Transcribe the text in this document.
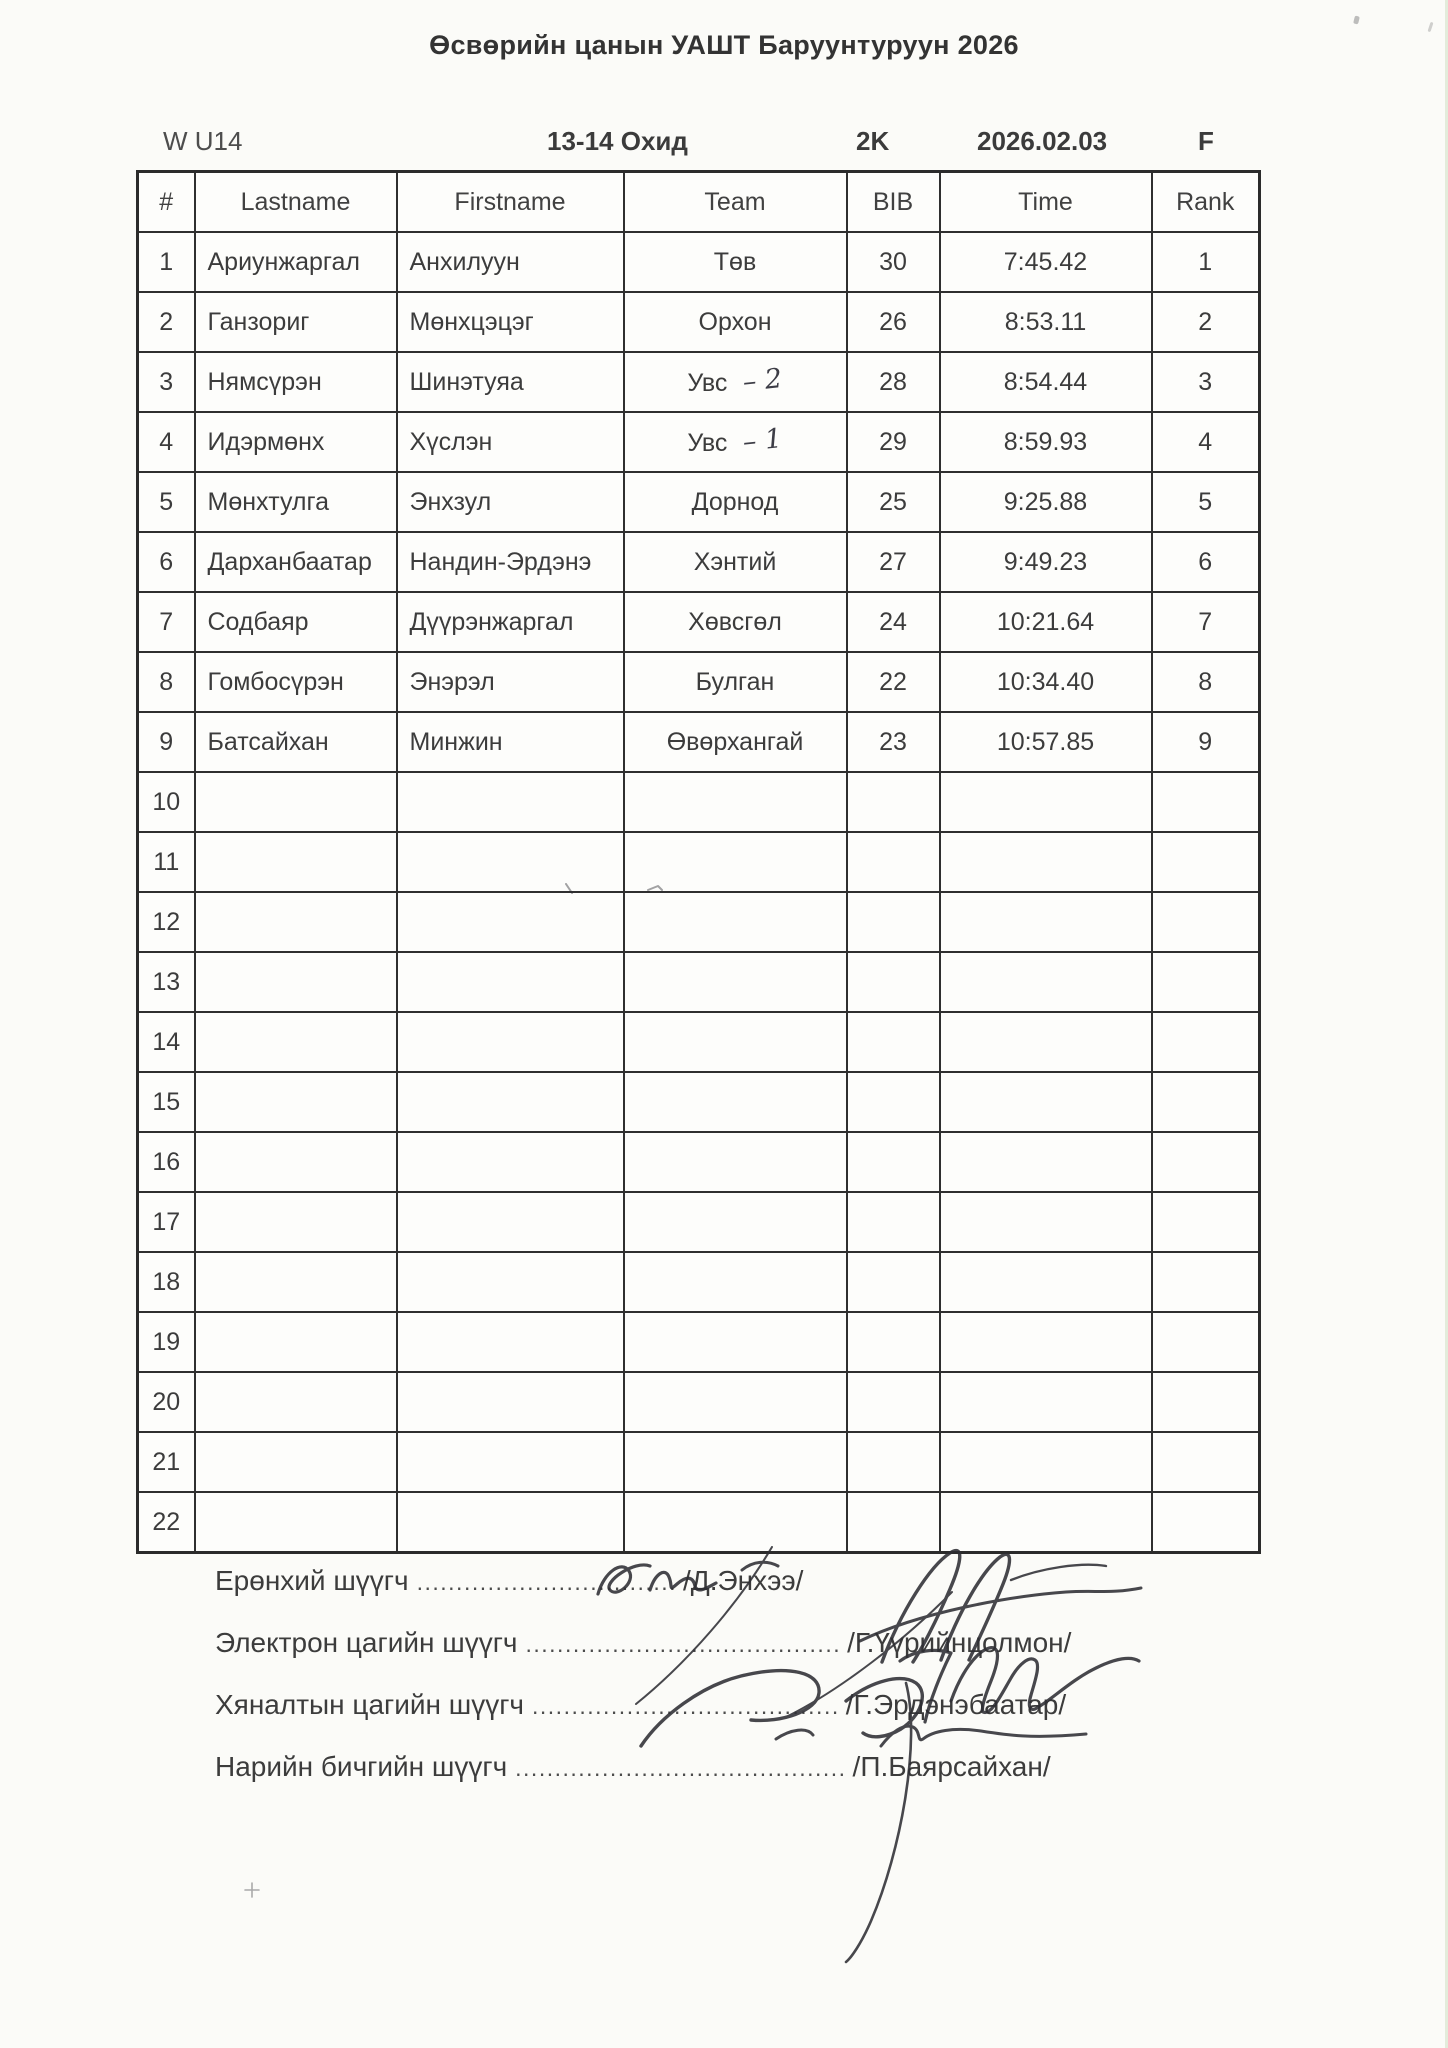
Өсвөрийн цанын УАШТ Баруунтуруун 2026
W U14	13-14 Охид	2K	2026.02.03	F
#	Lastname	Firstname	Team	BIB	Time	Rank
1	Ариунжаргал	Анхилуун	Төв	30	7:45.42	1
2	Ганзориг	Мөнхцэцэг	Орхон	26	8:53.11	2
3	Нямсүрэн	Шинэтуяа	Увс – 2	28	8:54.44	3
4	Идэрмөнх	Хүслэн	Увс – 1	29	8:59.93	4
5	Мөнхтулга	Энхзул	Дорнод	25	9:25.88	5
6	Дарханбаатар	Нандин-Эрдэнэ	Хэнтий	27	9:49.23	6
7	Содбаяр	Дүүрэнжаргал	Хөвсгөл	24	10:21.64	7
8	Гомбосүрэн	Энэрэл	Булган	22	10:34.40	8
9	Батсайхан	Минжин	Өвөрхангай	23	10:57.85	9
10						
11						
12						
13						
14						
15						
16						
17						
18						
19						
20						
21						
22						
Ерөнхий шүүгч ................................. /Д.Энхээ/
Электрон цагийн шүүгч ........................................ /Г.Үүрийнцолмон/
Хяналтын цагийн шүүгч ....................................... /Г.Эрдэнэбаатар/
Нарийн бичгийн шүүгч .......................................... /П.Баярсайхан/
